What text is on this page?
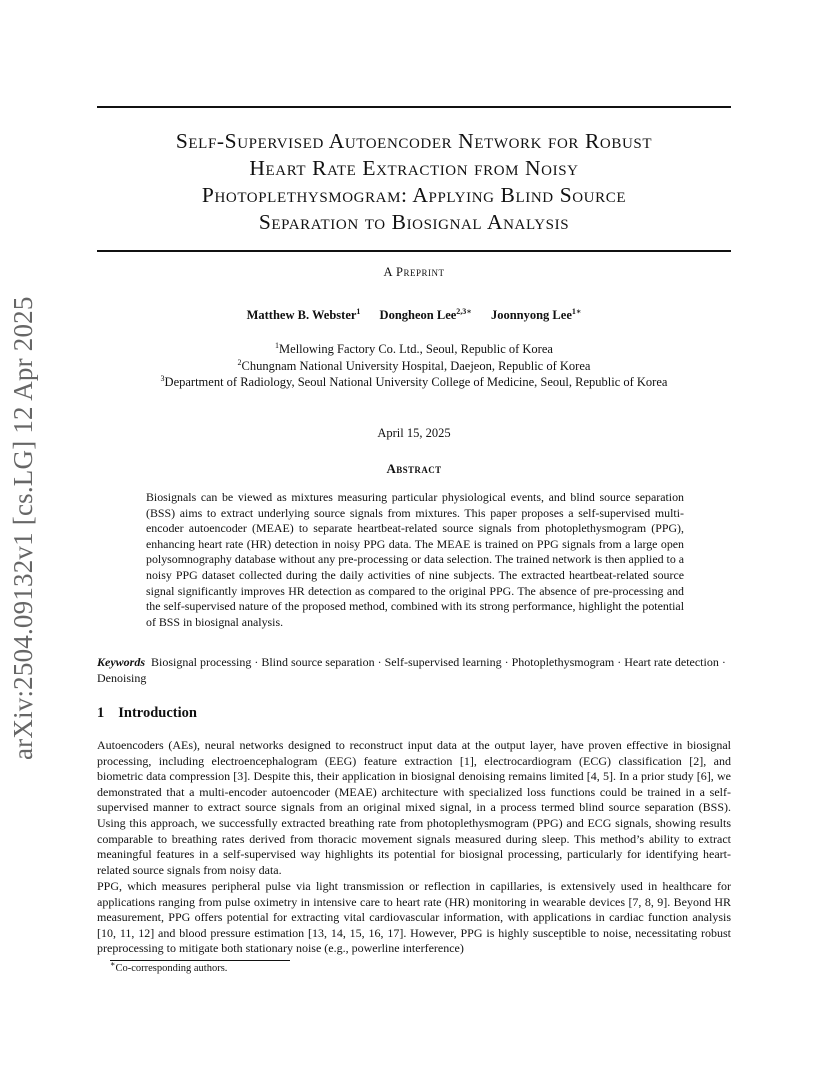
arXiv:2504.09132v1 [cs.LG] 12 Apr 2025
Self-Supervised Autoencoder Network for Robust
Heart Rate Extraction from Noisy
Photoplethysmogram: Applying Blind Source
Separation to Biosignal Analysis
A Preprint
Matthew B. Webster$^1$ Dongheon Lee$^{2,3∗}$ Joonnyong Lee$^{1∗}$
$^1$Mellowing Factory Co. Ltd., Seoul, Republic of Korea
$^2$Chungnam National University Hospital, Daejeon, Republic of Korea
$^3$Department of Radiology, Seoul National University College of Medicine, Seoul, Republic of Korea
April 15, 2025
Abstract
Biosignals can be viewed as mixtures measuring particular physiological events, and blind source separation (BSS) aims to extract underlying source signals from mixtures. This paper proposes a self-supervised multi-encoder autoencoder (MEAE) to separate heartbeat-related source signals from photoplethysmogram (PPG), enhancing heart rate (HR) detection in noisy PPG data. The MEAE is trained on PPG signals from a large open polysomnography database without any pre-processing or data selection. The trained network is then applied to a noisy PPG dataset collected during the daily activities of nine subjects. The extracted heartbeat-related source signal significantly improves HR detection as compared to the original PPG. The absence of pre-processing and the self-supervised nature of the proposed method, combined with its strong performance, highlight the potential of BSS in biosignal analysis.
Keywords Biosignal processing · Blind source separation · Self-supervised learning · Photoplethysmogram · Heart rate detection · Denoising
1 Introduction
Autoencoders (AEs), neural networks designed to reconstruct input data at the output layer, have proven effective in biosignal processing, including electroencephalogram (EEG) feature extraction [1], electrocardiogram (ECG) classification [2], and biometric data compression [3]. Despite this, their application in biosignal denoising remains limited [4, 5]. In a prior study [6], we demonstrated that a multi-encoder autoencoder (MEAE) architecture with specialized loss functions could be trained in a self-supervised manner to extract source signals from an original mixed signal, in a process termed blind source separation (BSS). Using this approach, we successfully extracted breathing rate from photoplethysmogram (PPG) and ECG signals, showing results comparable to breathing rates derived from thoracic movement signals measured during sleep. This method’s ability to extract meaningful features in a self-supervised way highlights its potential for biosignal processing, particularly for identifying heart-related source signals from noisy data.
PPG, which measures peripheral pulse via light transmission or reflection in capillaries, is extensively used in healthcare for applications ranging from pulse oximetry in intensive care to heart rate (HR) monitoring in wearable devices [7, 8, 9]. Beyond HR measurement, PPG offers potential for extracting vital cardiovascular information, with applications in cardiac function analysis [10, 11, 12] and blood pressure estimation [13, 14, 15, 16, 17]. However, PPG is highly susceptible to noise, necessitating robust preprocessing to mitigate both stationary noise (e.g., powerline interference)
∗Co-corresponding authors.
